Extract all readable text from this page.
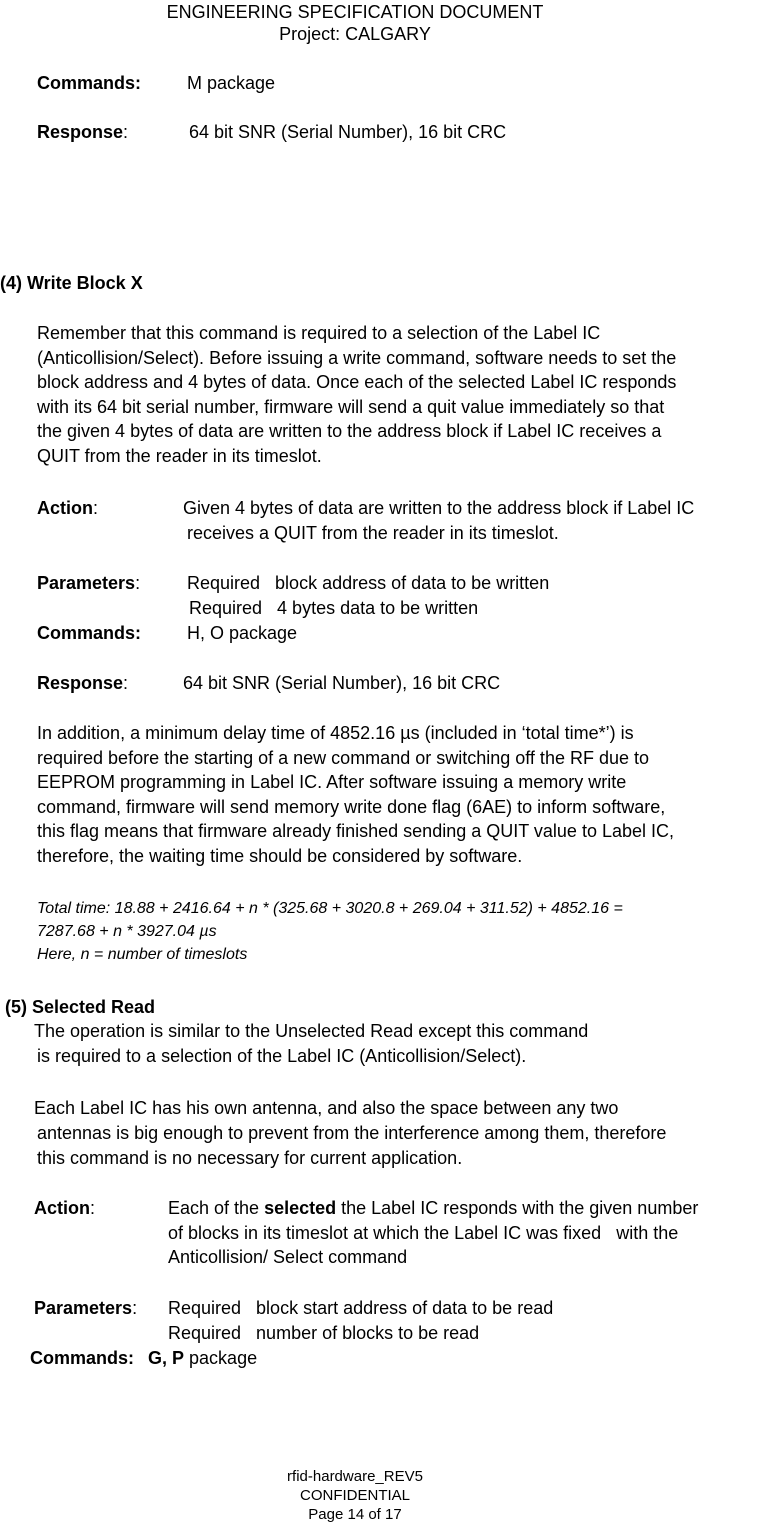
ENGINEERING SPECIFICATION DOCUMENT
Project: CALGARY
Commands:	M package
Response:	64 bit SNR (Serial Number), 16 bit CRC
(4) Write Block X
Remember that this command is required to a selection of the Label IC
(Anticollision/Select). Before issuing a write command, software needs to set the
block address and 4 bytes of data. Once each of the selected Label IC responds
with its 64 bit serial number, firmware will send a quit value immediately so that
the given 4 bytes of data are written to the address block if Label IC receives a
QUIT from the reader in its timeslot.
Action:	Given 4 bytes of data are written to the address block if Label IC
receives a QUIT from the reader in its timeslot.
Parameters:	Required   block address of data to be written
Required   4 bytes data to be written
Commands:	H, O package
Response:	64 bit SNR (Serial Number), 16 bit CRC
In addition, a minimum delay time of 4852.16 µs (included in ‘total time*’) is
required before the starting of a new command or switching off the RF due to
EEPROM programming in Label IC. After software issuing a memory write
command, firmware will send memory write done flag (6AE) to inform software,
this flag means that firmware already finished sending a QUIT value to Label IC,
therefore, the waiting time should be considered by software.
Total time: 18.88 + 2416.64 + n * (325.68 + 3020.8 + 269.04 + 311.52) + 4852.16 =
7287.68 + n * 3927.04 µs
Here, n = number of timeslots
(5) Selected Read
The operation is similar to the Unselected Read except this command
is required to a selection of the Label IC (Anticollision/Select).
Each Label IC has his own antenna, and also the space between any two
antennas is big enough to prevent from the interference among them, therefore
this command is no necessary for current application.
Action:	Each of the selected the Label IC responds with the given number
of blocks in its timeslot at which the Label IC was fixed   with the
Anticollision/ Select command
Parameters: Required   block start address of data to be read
Required   number of blocks to be read
Commands: G, P package
rfid-hardware_REV5
CONFIDENTIAL
Page 14 of 17
